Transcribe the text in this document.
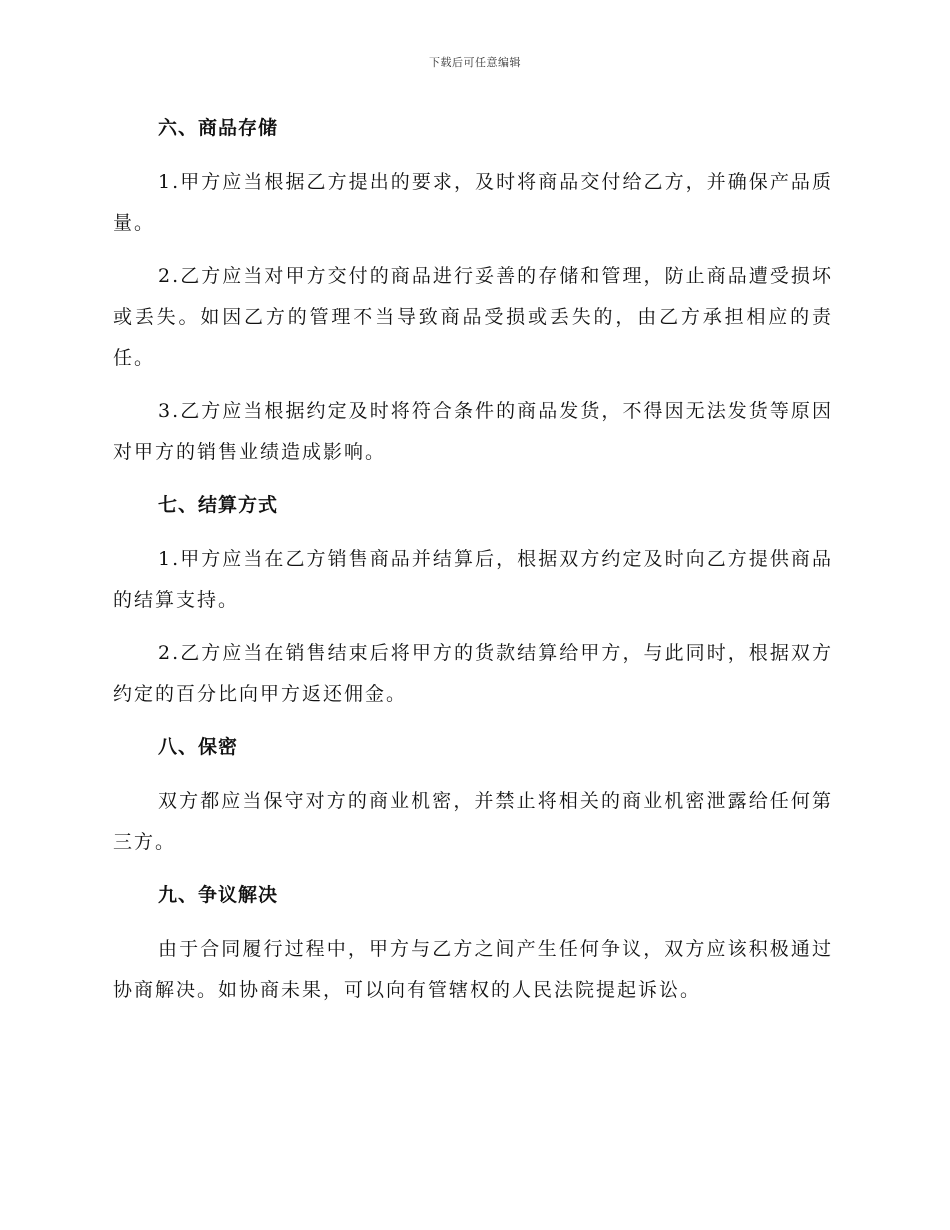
下载后可任意编辑
六、商品存储

1.甲方应当根据乙方提出的要求，及时将商品交付给乙方，并确保产品质量。

2.乙方应当对甲方交付的商品进行妥善的存储和管理，防止商品遭受损坏或丢失。如因乙方的管理不当导致商品受损或丢失的，由乙方承担相应的责任。

3.乙方应当根据约定及时将符合条件的商品发货，不得因无法发货等原因对甲方的销售业绩造成影响。

七、结算方式

1.甲方应当在乙方销售商品并结算后，根据双方约定及时向乙方提供商品的结算支持。

2.乙方应当在销售结束后将甲方的货款结算给甲方，与此同时，根据双方约定的百分比向甲方返还佣金。

八、保密

双方都应当保守对方的商业机密，并禁止将相关的商业机密泄露给任何第三方。

九、争议解决

由于合同履行过程中，甲方与乙方之间产生任何争议，双方应该积极通过协商解决。如协商未果，可以向有管辖权的人民法院提起诉讼。
